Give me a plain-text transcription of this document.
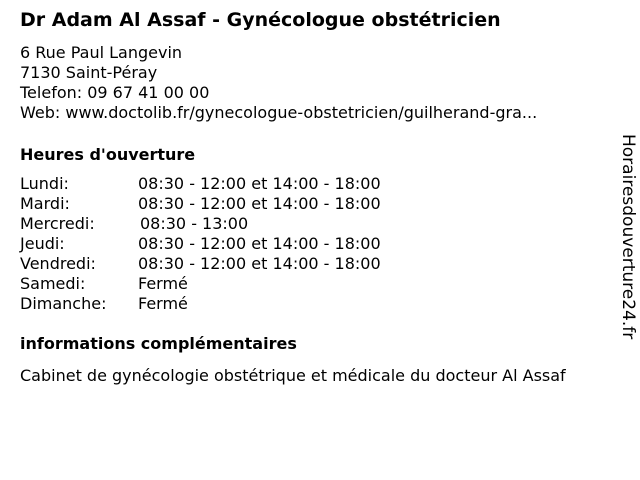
Dr Adam Al Assaf - Gynécologue obstétricien
6 Rue Paul Langevin
7130 Saint-Péray
Telefon: 09 67 41 00 00
Web: www.doctolib.fr/gynecologue-obstetricien/guilherand-gra...
Heures d'ouverture
Lundi:	08:30 - 12:00 et 14:00 - 18:00
Mardi:	08:30 - 12:00 et 14:00 - 18:00
Mercredi:	08:30 - 13:00
Jeudi:	08:30 - 12:00 et 14:00 - 18:00
Vendredi:	08:30 - 12:00 et 14:00 - 18:00
Samedi:	Fermé
Dimanche: Fermé
informations complémentaires
Cabinet de gynécologie obstétrique et médicale du docteur Al Assaf
Horairesdouverture24.fr
